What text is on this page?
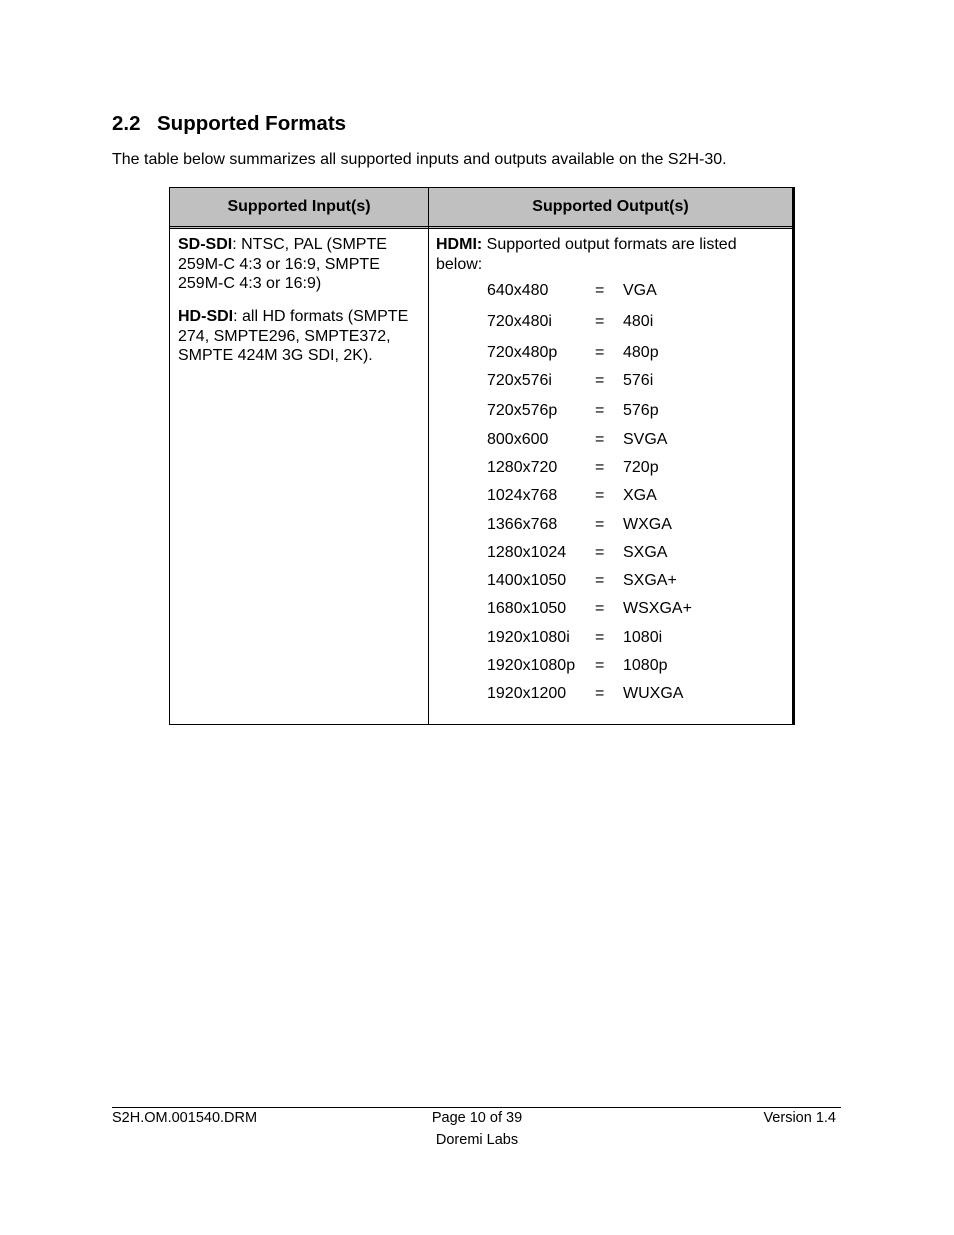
2.2 Supported Formats
The table below summarizes all supported inputs and outputs available on the S2H-30.
Supported Input(s)	Supported Output(s)
SD-SDI: NTSC, PAL (SMPTE 259M-C 4:3 or 16:9, SMPTE 259M-C 4:3 or 16:9)
HD-SDI: all HD formats (SMPTE 274, SMPTE296, SMPTE372, SMPTE 424M 3G SDI, 2K).
HDMI: Supported output formats are listed below:
640x480	= VGA
720x480i	= 480i
720x480p = 480p
720x576i	= 576i
720x576p = 576p
800x600	= SVGA
1280x720 = 720p
1024x768 = XGA
1366x768 = WXGA
1280x1024 = SXGA
1400x1050 = SXGA+
1680x1050 = WSXGA+
1920x1080i = 1080i
1920x1080p = 1080p
1920x1200 = WUXGA
S2H.OM.001540.DRM	Page 10 of 39	Version 1.4
Doremi Labs
